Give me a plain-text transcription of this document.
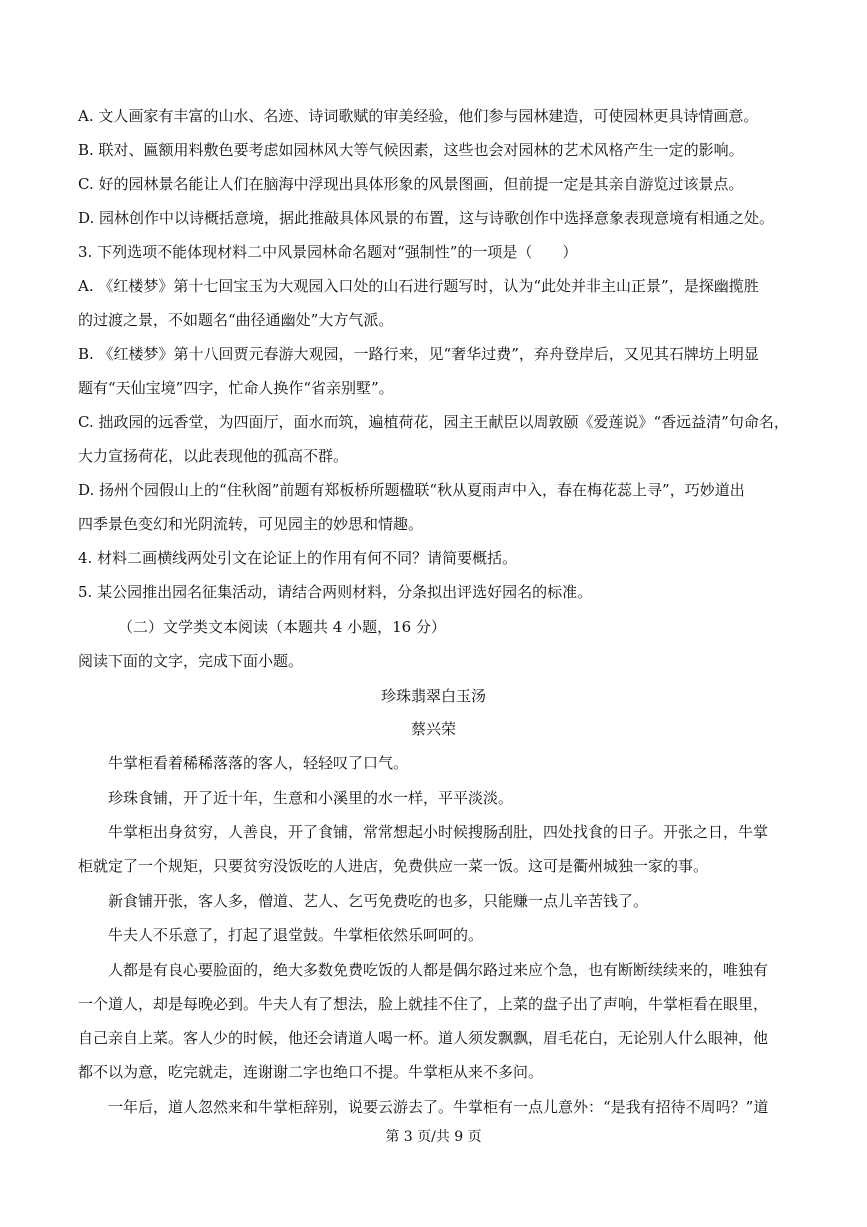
A. 文人画家有丰富的山水、名迹、诗词歌赋的审美经验，他们参与园林建造，可使园林更具诗情画意。
B. 联对、匾额用料敷色要考虑如园林风大等气候因素，这些也会对园林的艺术风格产生一定的影响。
C. 好的园林景名能让人们在脑海中浮现出具体形象的风景图画，但前提一定是其亲自游览过该景点。
D. 园林创作中以诗概括意境，据此推敲具体风景的布置，这与诗歌创作中选择意象表现意境有相通之处。
3. 下列选项不能体现材料二中风景园林命名题对“强制性”的一项是（　　）
A. 《红楼梦》第十七回宝玉为大观园入口处的山石进行题写时，认为“此处并非主山正景”，是探幽揽胜
的过渡之景，不如题名“曲径通幽处”大方气派。
B. 《红楼梦》第十八回贾元春游大观园，一路行来，见“奢华过费”，弃舟登岸后，又见其石牌坊上明显
题有“天仙宝境”四字，忙命人换作“省亲别墅”。
C. 拙政园的远香堂，为四面厅，面水而筑，遍植荷花，园主王献臣以周敦颐《爱莲说》“香远益清”句命名，
大力宣扬荷花，以此表现他的孤高不群。
D. 扬州个园假山上的“住秋阁”前题有郑板桥所题楹联“秋从夏雨声中入，春在梅花蕊上寻”，巧妙道出
四季景色变幻和光阴流转，可见园主的妙思和情趣。
4. 材料二画横线两处引文在论证上的作用有何不同？请简要概括。
5. 某公园推出园名征集活动，请结合两则材料，分条拟出评选好园名的标准。
（二）文学类文本阅读（本题共 4 小题，16 分）
阅读下面的文字，完成下面小题。
珍珠翡翠白玉汤
蔡兴荣
牛掌柜看着稀稀落落的客人，轻轻叹了口气。
珍珠食铺，开了近十年，生意和小溪里的水一样，平平淡淡。
牛掌柜出身贫穷，人善良，开了食铺，常常想起小时候搜肠刮肚，四处找食的日子。开张之日，牛掌
柜就定了一个规矩，只要贫穷没饭吃的人进店，免费供应一菜一饭。这可是衢州城独一家的事。
新食铺开张，客人多，僧道、艺人、乞丐免费吃的也多，只能赚一点儿辛苦钱了。
牛夫人不乐意了，打起了退堂鼓。牛掌柜依然乐呵呵的。
人都是有良心要脸面的，绝大多数免费吃饭的人都是偶尔路过来应个急，也有断断续续来的，唯独有
一个道人，却是每晚必到。牛夫人有了想法，脸上就挂不住了，上菜的盘子出了声响，牛掌柜看在眼里，
自己亲自上菜。客人少的时候，他还会请道人喝一杯。道人须发飘飘，眉毛花白，无论别人什么眼神，他
都不以为意，吃完就走，连谢谢二字也绝口不提。牛掌柜从来不多问。
一年后，道人忽然来和牛掌柜辞别，说要云游去了。牛掌柜有一点儿意外：“是我有招待不周吗？”道
第 3 页/共 9 页
